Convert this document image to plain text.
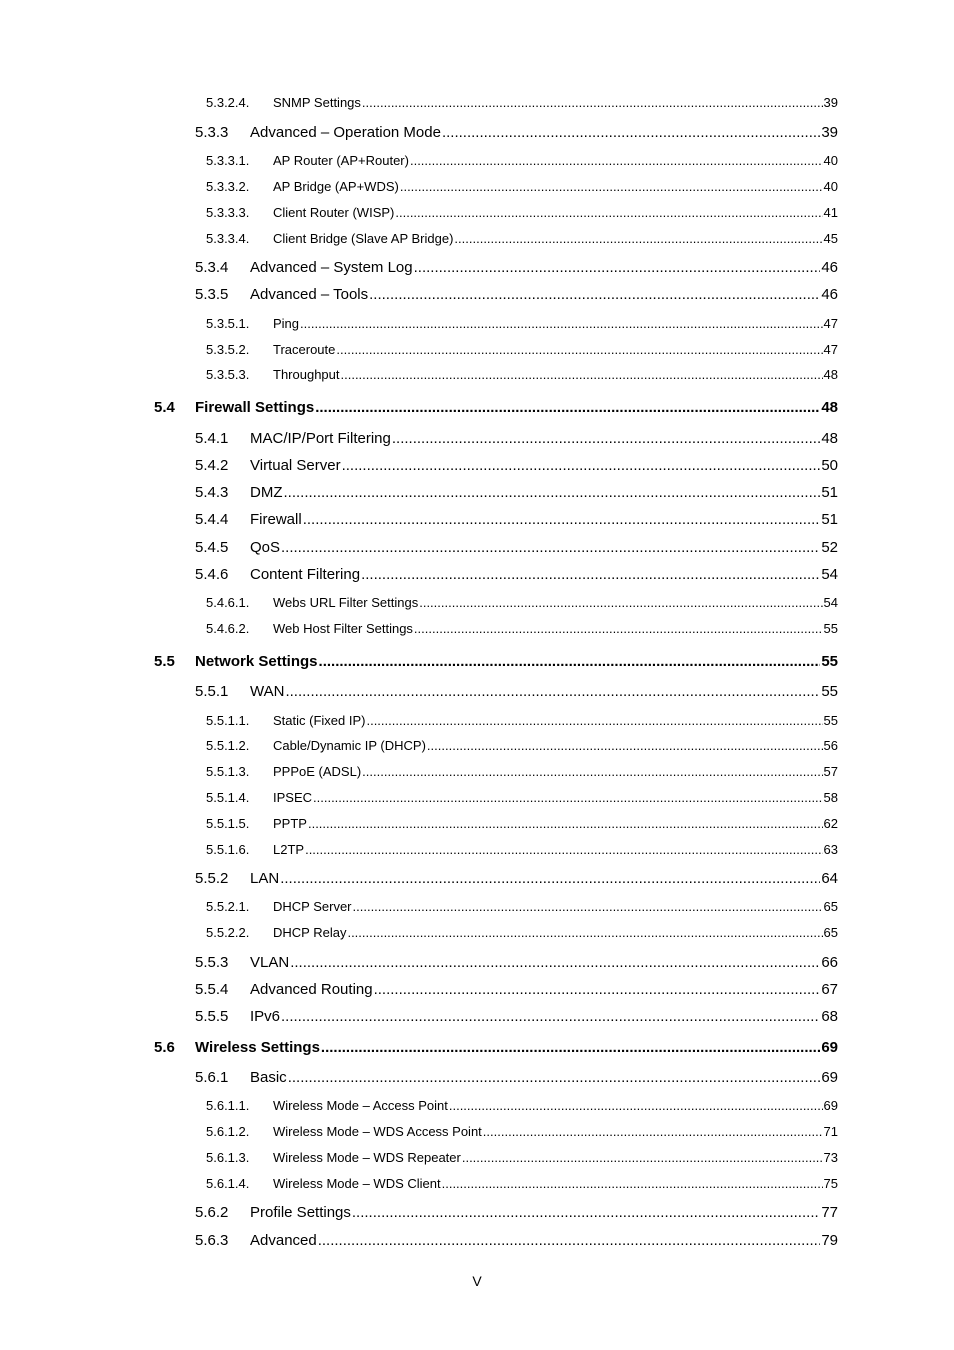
5.3.2.4.	SNMP Settings .....	39
5.3.3	Advanced – Operation Mode .....	39
5.3.3.1.	AP Router (AP+Router) .....	40
5.3.3.2.	AP Bridge (AP+WDS) .....	40
5.3.3.3.	Client Router (WISP) .....	41
5.3.3.4.	Client Bridge (Slave AP Bridge) .....	45
5.3.4	Advanced – System Log .....	46
5.3.5	Advanced – Tools .....	46
5.3.5.1.	Ping .....	47
5.3.5.2.	Traceroute .....	47
5.3.5.3.	Throughput .....	48
5.4	Firewall Settings .....	48
5.4.1	MAC/IP/Port Filtering .....	48
5.4.2	Virtual Server .....	50
5.4.3	DMZ .....	51
5.4.4	Firewall .....	51
5.4.5	QoS .....	52
5.4.6	Content Filtering .....	54
5.4.6.1.	Webs URL Filter Settings .....	54
5.4.6.2.	Web Host Filter Settings .....	55
5.5	Network Settings .....	55
5.5.1	WAN .....	55
5.5.1.1.	Static (Fixed IP) .....	55
5.5.1.2.	Cable/Dynamic IP (DHCP) .....	56
5.5.1.3.	PPPoE (ADSL) .....	57
5.5.1.4.	IPSEC .....	58
5.5.1.5.	PPTP .....	62
5.5.1.6.	L2TP .....	63
5.5.2	LAN .....	64
5.5.2.1.	DHCP Server .....	65
5.5.2.2.	DHCP Relay .....	65
5.5.3	VLAN .....	66
5.5.4	Advanced Routing .....	67
5.5.5	IPv6 .....	68
5.6	Wireless Settings .....	69
5.6.1	Basic .....	69
5.6.1.1.	Wireless Mode – Access Point .....	69
5.6.1.2.	Wireless Mode – WDS Access Point .....	71
5.6.1.3.	Wireless Mode – WDS Repeater .....	73
5.6.1.4.	Wireless Mode – WDS Client .....	75
5.6.2	Profile Settings .....	77
5.6.3	Advanced .....	79
V
